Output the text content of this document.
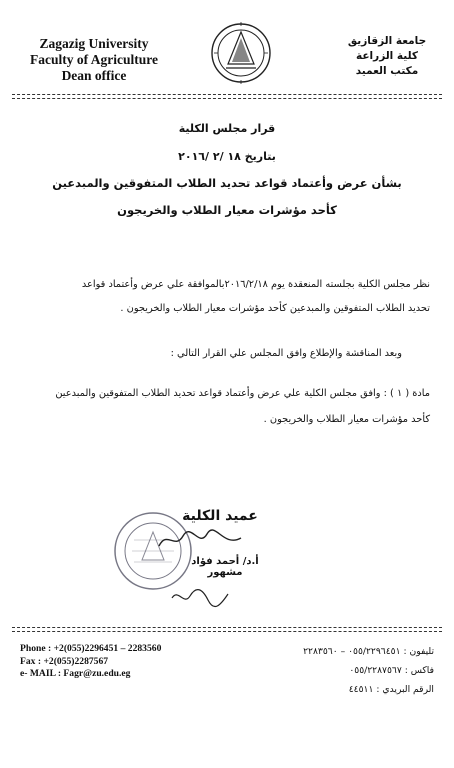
Zagazig University
Faculty of Agriculture
Dean office
جامعة الزقازيق
كلية الزراعة
مكتب العميد
قرار مجلس الكلية
بتاريخ ١٨ /٢ /٢٠١٦
بشأن عرض وأعتماد قواعد تحديد الطلاب المتفوقين والمبدعين
كأحد مؤشرات معيار الطلاب والخريجون
نظر مجلس الكلية بجلسته المنعقدة يوم ٢٠١٦/٢/١٨بالموافقة علي عرض وأعتماد قواعد
تحديد الطلاب المتفوقين والمبدعين كأحد مؤشرات معيار الطلاب والخريجون .
وبعد المناقشة والإطلاع وافق المجلس علي القرار التالي :
مادة ( ١ ) : وافق مجلس الكلية علي عرض وأعتماد قواعد تحديد الطلاب المتفوقين والمبدعين
كأحد مؤشرات معيار الطلاب والخريجون .
عميد الكلية
أ.د/ أحمد فؤاد مشهور
Phone : +2(055)2296451 – 2283560
Fax : +2(055)2287567
e- MAIL : Fagr@zu.edu.eg
تليفون : ٠٥٥/٢٢٩٦٤٥١ – ٢٢٨٣٥٦٠
فاكس : ٠٥٥/٢٢٨٧٥٦٧
الرقم البريدي : ٤٤٥١١
